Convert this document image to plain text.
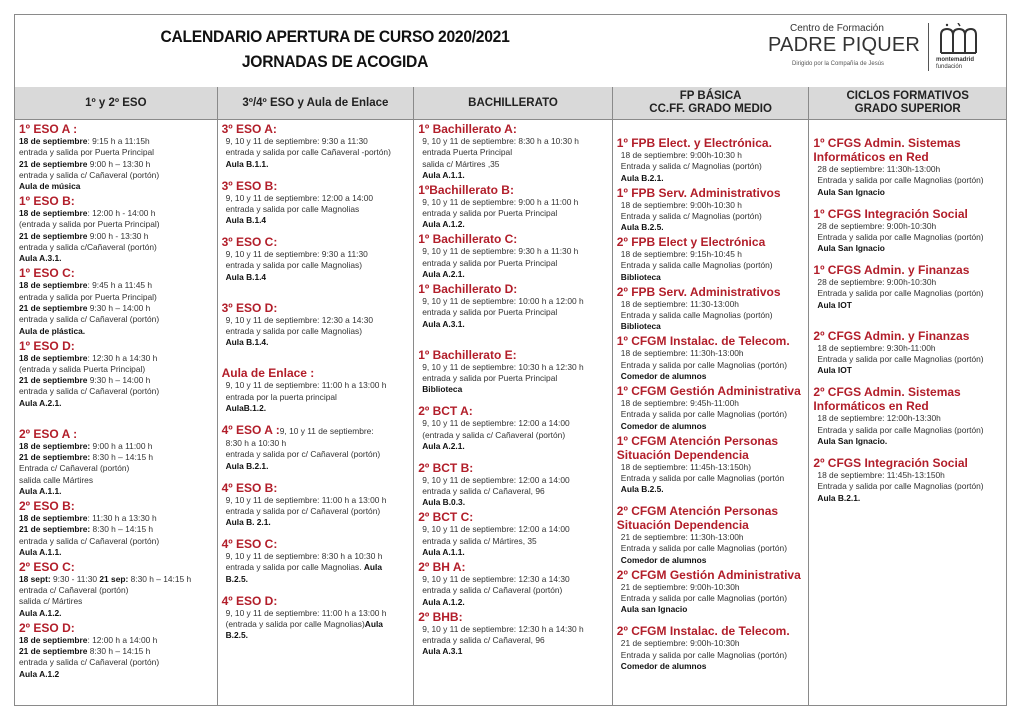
CALENDARIO APERTURA DE CURSO 2020/2021
JORNADAS DE ACOGIDA
Centro de Formación
PADRE PIQUER
Dirigido por la Compañía de Jesús
montemadrid
fundación
1º y 2º ESO	3º/4º ESO y Aula de Enlace	BACHILLERATO
FP BÁSICA
CC.FF. GRADO MEDIO
CICLOS FORMATIVOS
GRADO SUPERIOR
1º ESO A :
18 de septiembre: 9:15 h a 11:15h
entrada y salida por Puerta Principal
21 de septiembre 9:00 h – 13:30 h
entrada y salida c/ Cañaveral (portón)
Aula de música
1º ESO B:
18 de septiembre: 12:00 h - 14:00 h
(entrada y salida por Puerta Principal)
21 de septiembre 9:00 h - 13:30 h
entrada y salida c/Cañaveral (portón)
Aula A.3.1.
1º ESO C:
18 de septiembre: 9:45 h a 11:45 h
entrada y salida por Puerta Principal)
21 de septiembre 9:30 h – 14:00 h
entrada y salida c/ Cañaveral (portón)
Aula de plástica.
1º ESO D:
18 de septiembre: 12:30 h a 14:30 h
(entrada y salida Puerta Principal)
21 de septiembre 9:30 h – 14:00 h
entrada y salida c/ Cañaveral (portón)
Aula A.2.1.
2º ESO A :
18 de septiembre: 9:00 h a 11:00 h
21 de septiembre: 8:30 h – 14:15 h
Entrada c/ Cañaveral (portón)
salida calle Mártires
Aula A.1.1.
2º ESO B:
18 de septiembre: 11:30 h a 13:30 h
21 de septiembre: 8:30 h – 14:15 h
entrada y salida c/ Cañaveral (portón)
Aula A.1.1.
2º ESO C:
18 sept: 9:30 - 11:30 21 sep: 8:30 h – 14:15 h
entrada c/ Cañaveral (portón)
salida c/ Mártires
Aula A.1.2.
2º ESO D:
18 de septiembre: 12:00 h a 14:00 h
21 de septiembre 8:30 h – 14:15 h
entrada y salida c/ Cañaveral (portón)
Aula A.1.2
3º ESO A:
9, 10 y 11 de septiembre: 9:30 a 11:30
entrada y salida por calle Cañaveral -portón)
Aula B.1.1.
3º ESO B:
9, 10 y 11 de septiembre: 12:00 a 14:00
entrada y salida por calle Magnolias
Aula B.1.4
3º ESO C:
9, 10 y 11 de septiembre: 9:30 a 11:30
entrada y salida por calle Magnolias)
Aula B.1.4
3º ESO D:
9, 10 y 11 de septiembre: 12:30 a 14:30
entrada y salida por calle Magnolias)
Aula B.1.4.
Aula de Enlace :
9, 10 y 11 de septiembre: 11:00 h a 13:00 h
entrada por la puerta principal
AulaB.1.2.
4º ESO A :9, 10 y 11 de septiembre:
8:30 h a 10:30 h
entrada y salida por c/ Cañaveral (portón)
Aula B.2.1.
4º ESO B:
9, 10 y 11 de septiembre: 11:00 h a 13:00 h
entrada y salida por c/ Cañaveral (portón)
Aula B. 2.1.
4º ESO C:
9, 10 y 11 de septiembre: 8:30 h a 10:30 h
entrada y salida por calle Magnolias. Aula
B.2.5.
4º ESO D:
9, 10 y 11 de septiembre: 11:00 h a 13:00 h
(entrada y salida por calle Magnolias)Aula
B.2.5.
1º Bachillerato A:
9, 10 y 11 de septiembre: 8:30 h a 10:30 h
entrada Puerta Principal
salida c/ Mártires ,35
Aula A.1.1.
1ºBachillerato B:
9, 10 y 11 de septiembre: 9:00 h a 11:00 h
entrada y salida por Puerta Principal
Aula A.1.2.
1º Bachillerato C:
9, 10 y 11 de septiembre: 9:30 h a 11:30 h
entrada y salida por Puerta Principal
Aula A.2.1.
1º Bachillerato D:
9, 10 y 11 de septiembre: 10:00 h a 12:00 h
entrada y salida por Puerta Principal
Aula A.3.1.
1º Bachillerato E:
9, 10 y 11 de septiembre: 10:30 h a 12:30 h
entrada y salida por Puerta Principal
Biblioteca
2º BCT A:
9, 10 y 11 de septiembre: 12:00 a 14:00
(entrada y salida c/ Cañaveral (portón)
Aula A.2.1.
2º BCT B:
9, 10 y 11 de septiembre: 12:00 a 14:00
entrada y salida c/ Cañaveral, 96
Aula B.0.3.
2º BCT C:
9, 10 y 11 de septiembre: 12:00 a 14:00
entrada y salida c/ Mártires, 35
Aula A.1.1.
2º BH A:
9, 10 y 11 de septiembre: 12:30 a 14:30
entrada y salida c/ Cañaveral (portón)
Aula A.1.2.
2º BHB:
9, 10 y 11 de septiembre: 12:30 h a 14:30 h
entrada y salida c/ Cañaveral, 96
Aula A.3.1
1º FPB Elect. y Electrónica.
18 de septiembre: 9:00h-10:30 h
Entrada y salida c/ Magnolias (portón)
Aula B.2.1.
1º FPB Serv. Administrativos
18 de septiembre: 9:00h-10:30 h
Entrada y salida c/ Magnolias (portón)
Aula B.2.5.
2º FPB Elect y Electrónica
18 de septiembre: 9:15h-10:45 h
Entrada y salida calle Magnolias (portón)
Biblioteca
2º FPB Serv. Administrativos
18 de septiembre: 11:30-13:00h
Entrada y salida calle Magnolias (portón)
Biblioteca
1º CFGM Instalac. de Telecom.
18 de septiembre: 11:30h-13:00h
Entrada y salida por calle Magnolias (portón)
Comedor de alumnos
1º CFGM Gestión Administrativa
18 de septiembre: 9:45h-11:00h
Entrada y salida por calle Magnolias (portón)
Comedor de alumnos
1º CFGM Atención Personas
Situación Dependencia
18 de septiembre: 11:45h-13:150h)
Entrada y salida por calle Magnolias (portón
Aula B.2.5.
2º CFGM Atención Personas
Situación Dependencia
21 de septiembre: 11:30h-13:00h
Entrada y salida por calle Magnolias (portón)
Comedor de alumnos
2º CFGM Gestión Administrativa
21 de septiembre: 9:00h-10:30h
Entrada y salida por calle Magnolias (portón)
Aula san Ignacio
2º CFGM Instalac. de Telecom.
21 de septiembre: 9:00h-10:30h
Entrada y salida por calle Magnolias (portón)
Comedor de alumnos
1º CFGS Admin. Sistemas
Informáticos en Red
28 de septiembre: 11:30h-13:00h
Entrada y salida por calle Magnolias (portón)
Aula San Ignacio
1º CFGS Integración Social
28 de septiembre: 9:00h-10:30h
Entrada y salida por calle Magnolias (portón)
Aula San Ignacio
1º CFGS Admin. y Finanzas
28 de septiembre: 9:00h-10:30h
Entrada y salida por calle Magnolias (portón)
Aula IOT
2º CFGS Admin. y Finanzas
18 de septiembre: 9:30h-11:00h
Entrada y salida por calle Magnolias (portón)
Aula IOT
2º CFGS Admin. Sistemas
Informáticos en Red
18 de septiembre: 12:00h-13:30h
Entrada y salida por calle Magnolias (portón)
Aula San Ignacio.
2º CFGS Integración Social
18 de septiembre: 11:45h-13:150h
Entrada y salida por calle Magnolias (portón)
Aula B.2.1.
